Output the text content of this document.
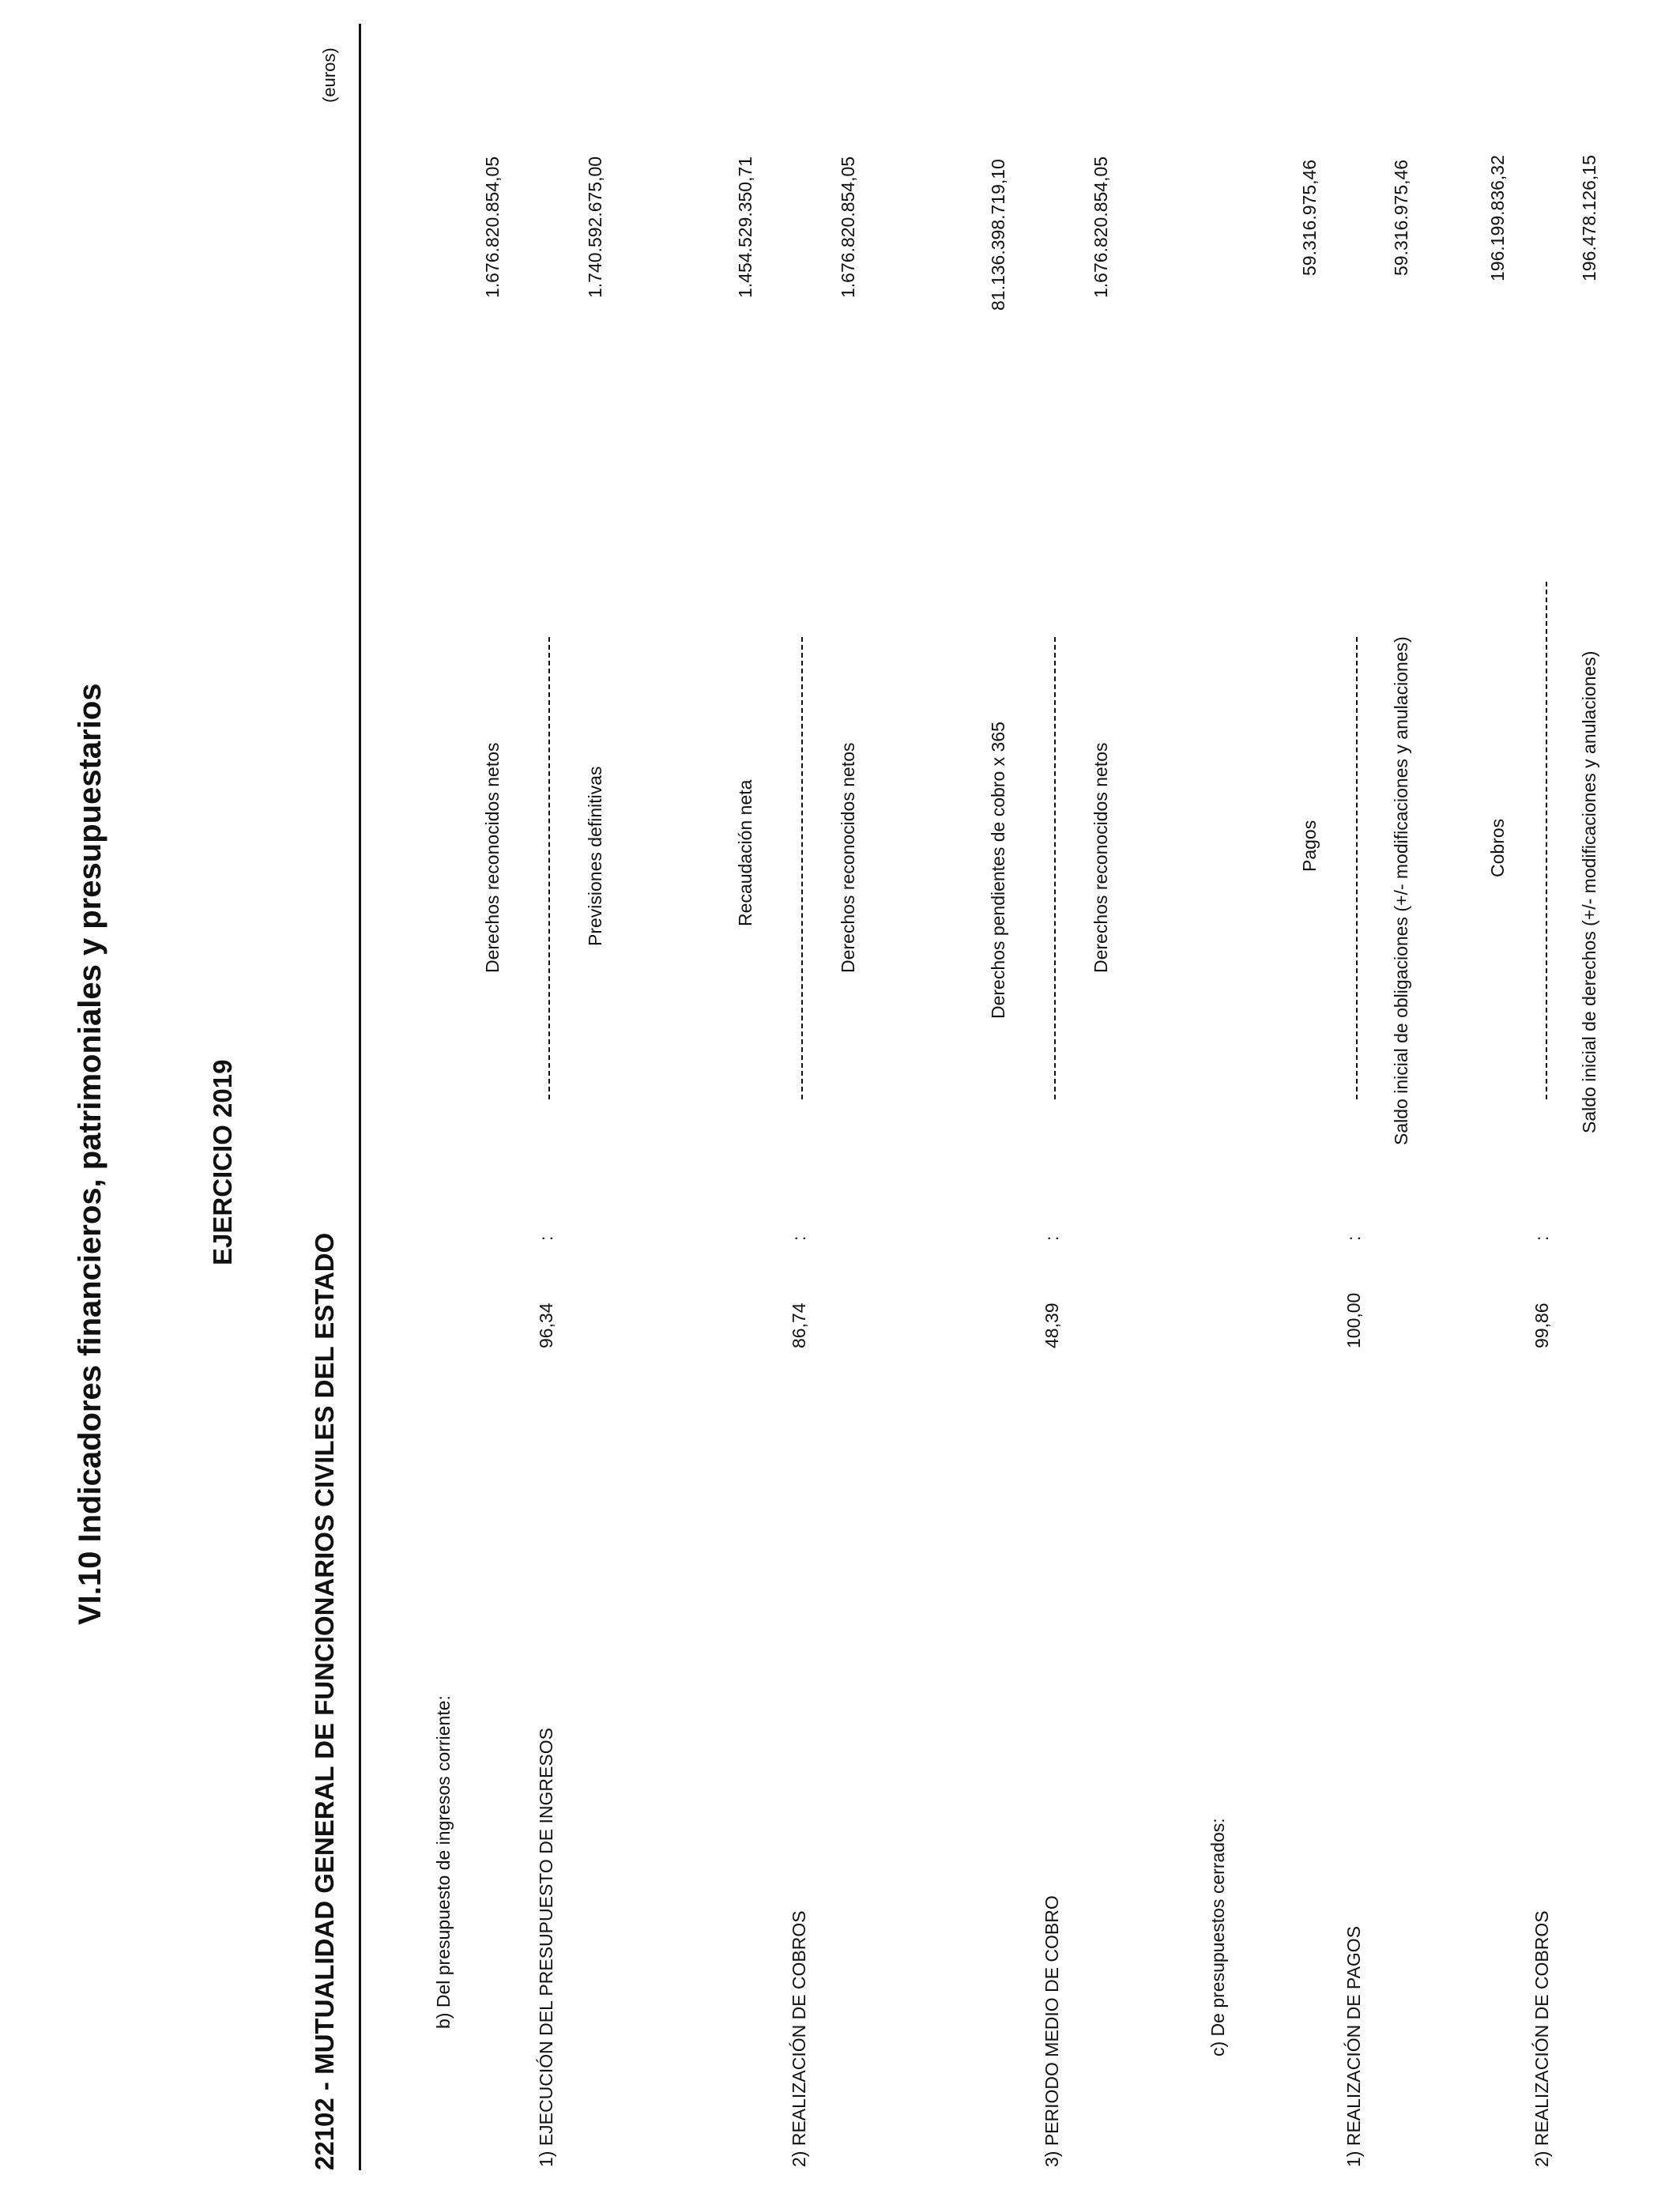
VI.10 Indicadores financieros, patrimoniales y presupuestarios	EJERCICIO 2019
22102 - MUTUALIDAD GENERAL DE FUNCIONARIOS CIVILES DEL ESTADO
(euros)
b) Del presupuesto de ingresos corriente:	1) EJECUCIÓN DEL PRESUPUESTO DE INGRESOS
96,34
:
Derechos reconocidos netos
1.676.820.854,05
Previsiones definitivas
1.740.592.675,00
2) REALIZACIÓN DE COBROS
86,74
:
Recaudación neta
1.454.529.350,71
Derechos reconocidos netos
1.676.820.854,05
3) PERIODO MEDIO DE COBRO
48,39
:
Derechos pendientes de cobro x 365
81.136.398.719,10
Derechos reconocidos netos
1.676.820.854,05
c) De presupuestos cerrados:	1) REALIZACIÓN DE PAGOS
100,00
:
Pagos
59.316.975,46
Saldo inicial de obligaciones (+/- modificaciones y anulaciones)
59.316.975,46
2) REALIZACIÓN DE COBROS
99,86
:
Cobros
196.199.836,32
Saldo inicial de derechos (+/- modificaciones y anulaciones)
196.478.126,15
